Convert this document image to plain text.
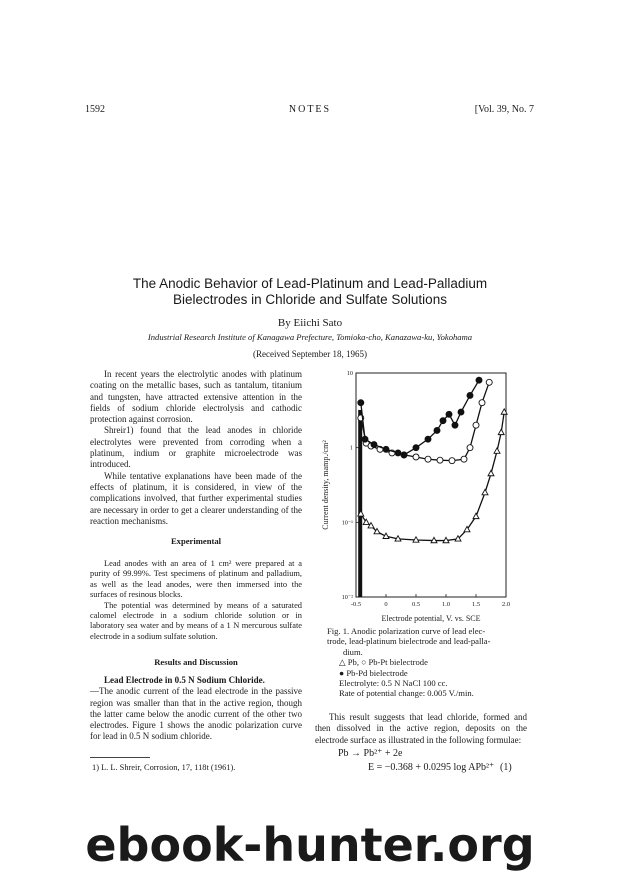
1592	NOTES	[Vol. 39, No. 7
The Anodic Behavior of Lead-Platinum and Lead-Palladium
Bielectrodes in Chloride and Sulfate Solutions
By Eiichi Sato
Industrial Research Institute of Kanagawa Prefecture, Tomioka-cho, Kanazawa-ku, Yokohama
(Received September 18, 1965)

In recent years the electrolytic anodes with platinum coating on the metallic bases, such as tantalum, titanium and tungsten, have attracted extensive attention in the fields of sodium chloride electrolysis and cathodic protection against corrosion.

Shreir1) found that the lead anodes in chloride electrolytes were prevented from corroding when a platinum, indium or graphite microelectrode was introduced.

While tentative explanations have been made of the effects of platinum, it is considered, in view of the complications involved, that further experimental studies are necessary in order to get a clearer understanding of the reaction mechanisms.

Experimental

Lead anodes with an area of 1 cm² were prepared at a purity of 99.99%. Test specimens of platinum and palladium, as well as the lead anodes, were then immersed into the surfaces of resinous blocks.

The potential was determined by means of a saturated calomel electrode in a sodium chloride solution or in laboratory sea water and by means of a 1 N mercurous sulfate electrode in a sodium sulfate solution.

Results and Discussion

Lead Electrode in 0.5 N Sodium Chloride.

—The anodic current of the lead electrode in the passive region was smaller than that in the active region, though the latter came below the anodic current of the other two electrodes. Figure 1 shows the anodic polarization curve for lead in 0.5 N sodium chloride.

1) L. L. Shreir, Corrosion, 17, 118t (1961).
-0.5	0	0.5	1.0	1.5	2.0
10⁻²
10⁻¹
1
10
Electrode potential, V. vs. SCE
Current density, mamp./cm²
Fig. 1. Anodic polarization curve of lead elec-
trode, lead-platinum bielectrode and lead-palla-
dium.
△ Pb, ○ Pb-Pt bielectrode
● Pb-Pd bielectrode
Electrolyte: 0.5 N NaCl 100 cc.
Rate of potential change: 0.005 V./min.

This result suggests that lead chloride, formed and then dissolved in the active region, deposits on the electrode surface as illustrated in the following formulae:

Pb → Pb²⁺ + 2e
E = −0.368 + 0.0295 log APb²⁺ (1)
ebook-hunter.org
